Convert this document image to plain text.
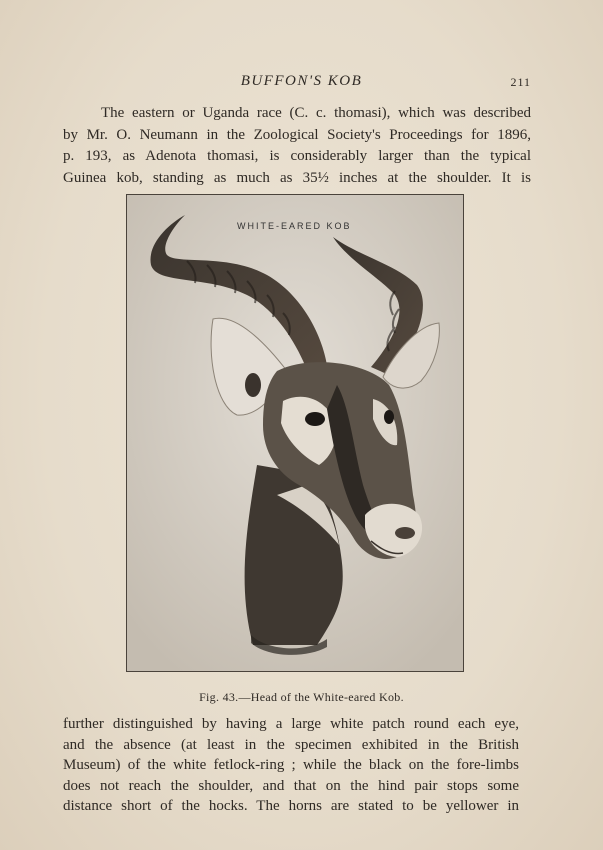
BUFFON'S KOB	211
The eastern or Uganda race (C. c. thomasi), which was described
by Mr. O. Neumann in the Zoological Society's Proceedings for 1896,
p. 193, as Adenota thomasi, is considerably larger than the typical
Guinea kob, standing as much as 35½ inches at the shoulder. It is
WHITE-EARED KOB
Fig. 43.—Head of the White-eared Kob.
further distinguished by having a large white patch round each eye,
and the absence (at least in the specimen exhibited in the British
Museum) of the white fetlock-ring ; while the black on the fore-limbs
does not reach the shoulder, and that on the hind pair stops some
distance short of the hocks. The horns are stated to be yellower in
